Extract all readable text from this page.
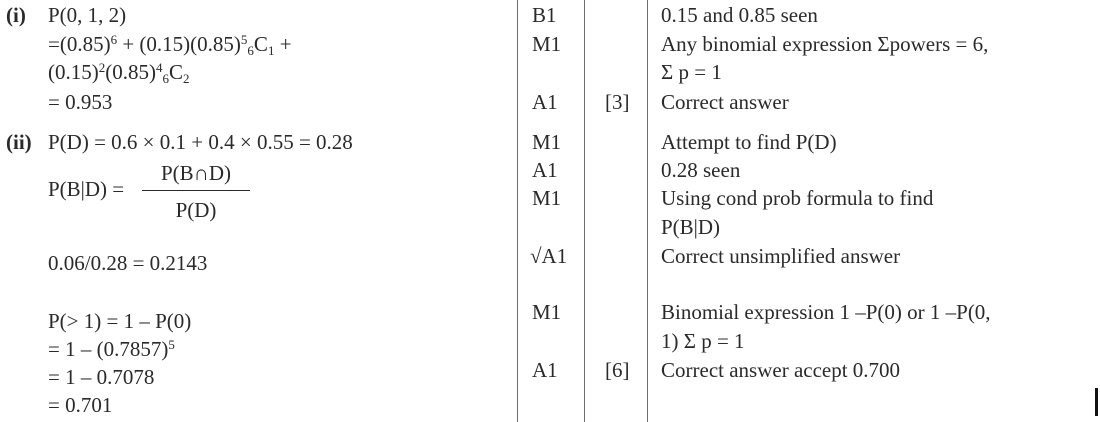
(i) P(0, 1, 2)
$=(0.85)^6 + (0.15)(0.85)^5_6C_1$ +
$(0.15)^2(0.85)^4_6C_2$
= 0.953
B1
M1
A1 [3]
0.15 and 0.85 seen
Any binomial expression Σpowers = 6,
Σ p = 1
Correct answer
(ii) P(D) = 0.6 × 0.1 + 0.4 × 0.55 = 0.28
P(B|D) =
P(B∩D)
P(D)
0.06/0.28 = 0.2143
M1
A1
M1
√A1
Attempt to find P(D)
0.28 seen
Using cond prob formula to find
P(B|D)
Correct unsimplified answer
P(> 1) = 1 – P(0)
= $1 - (0.7857)^5$
= 1 – 0.7078
= 0.701
M1
A1 [6]
Binomial expression 1 –P(0) or 1 –P(0,
1) Σ p = 1
Correct answer accept 0.700
